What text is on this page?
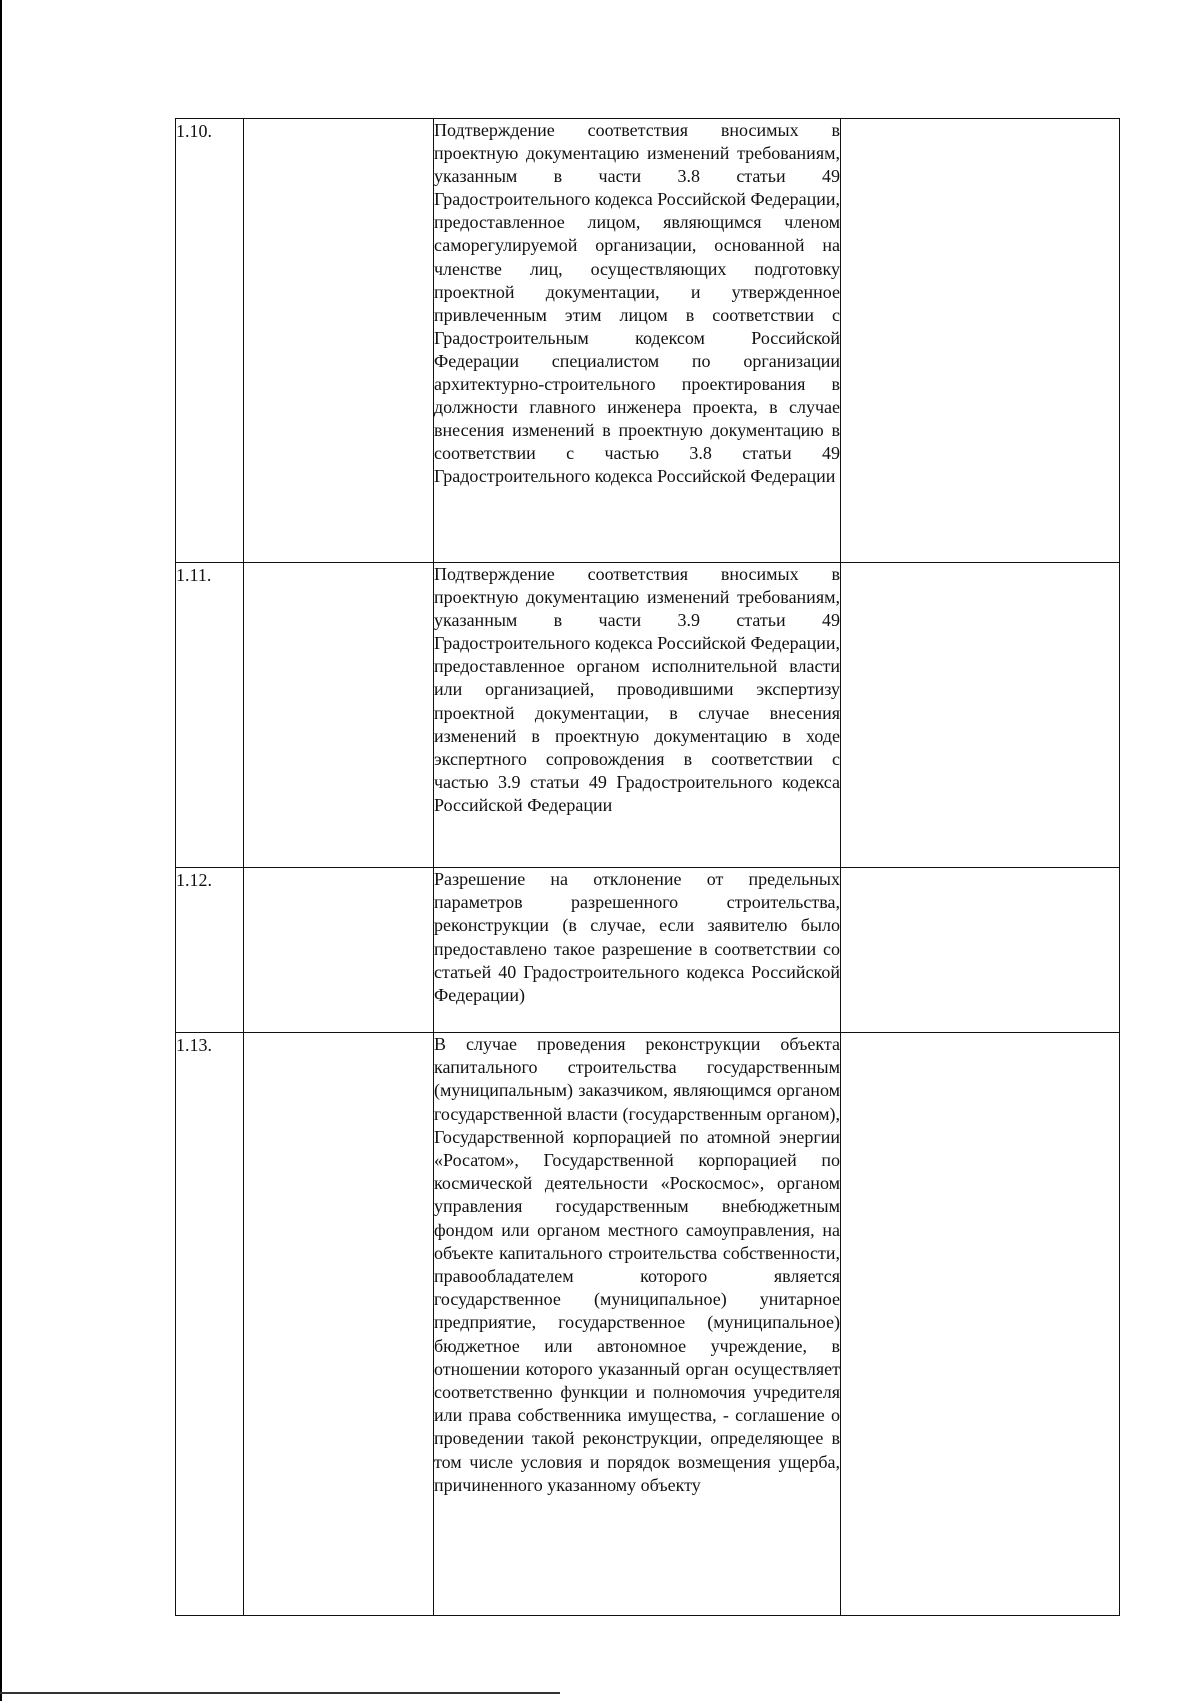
1.10.		Подтверждение соответствия вносимых в проектную документацию изменений требованиям, указанным в части 3.8 статьи 49 Градостроительного кодекса Российской Федерации, предоставленное лицом, являющимся членом саморегулируемой организации, основанной на членстве лиц, осуществляющих подготовку проектной документации, и утвержденное привлеченным этим лицом в соответствии с Градостроительным кодексом Российской Федерации специалистом по организации архитектурно-строительного проектирования в должности главного инженера проекта, в случае внесения изменений в проектную документацию в соответствии с частью 3.8 статьи 49 Градостроительного кодекса Российской Федерации	
1.11.		Подтверждение соответствия вносимых в проектную документацию изменений требованиям, указанным в части 3.9 статьи 49 Градостроительного кодекса Российской Федерации, предоставленное органом исполнительной власти или организацией, проводившими экспертизу проектной документации, в случае внесения изменений в проектную документацию в ходе экспертного сопровождения в соответствии с частью 3.9 статьи 49 Градостроительного кодекса Российской Федерации	
1.12.		Разрешение на отклонение от предельных параметров разрешенного строительства, реконструкции (в случае, если заявителю было предоставлено такое разрешение в соответствии со статьей 40 Градостроительного кодекса Российской Федерации)	
1.13.		В случае проведения реконструкции объекта капитального строительства государственным (муниципальным) заказчиком, являющимся органом государственной власти (государственным органом), Государственной корпорацией по атомной энергии «Росатом», Государственной корпорацией по космической деятельности «Роскосмос», органом управления государственным внебюджетным фондом или органом местного самоуправления, на объекте капитального строительства собственности, правообладателем которого является государственное (муниципальное) унитарное предприятие, государственное (муниципальное) бюджетное или автономное учреждение, в отношении которого указанный орган осуществляет соответственно функции и полномочия учредителя или права собственника имущества, - соглашение о проведении такой реконструкции, определяющее в том числе условия и порядок возмещения ущерба, причиненного указанному объекту	
